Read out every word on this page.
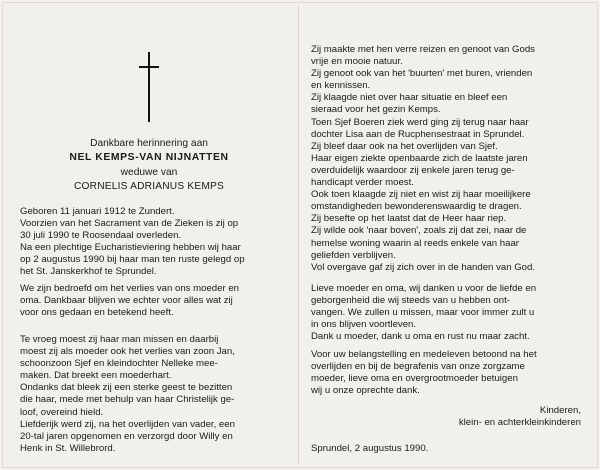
Dankbare herinnering aan
NEL KEMPS-VAN NIJNATTEN
weduwe van
CORNELIS ADRIANUS KEMPS
Geboren 11 januari 1912 te Zundert.
Voorzien van het Sacrament van de Zieken is zij op
30 juli 1990 te Roosendaal overleden.
Na een plechtige Eucharistieviering hebben wij haar
op 2 augustus 1990 bij haar man ten ruste gelegd op
het St. Janskerkhof te Sprundel.
We zijn bedroefd om het verlies van ons moeder en
oma. Dankbaar blijven we echter voor alles wat zij
voor ons gedaan en betekend heeft.
Te vroeg moest zij haar man missen en daarbij
moest zij als moeder ook het verlies van zoon Jan,
schoonzoon Sjef en kleindochter Nelleke mee-
maken. Dat breekt een moederhart.
Ondanks dat bleek zij een sterke geest te bezitten
die haar, mede met behulp van haar Christelijk ge-
loof, overeind hield.
Liefderijk werd zij, na het overlijden van vader, een
20-tal jaren opgenomen en verzorgd door Willy en
Henk in St. Willebrord.
Zij maakte met hen verre reizen en genoot van Gods
vrije en mooie natuur.
Zij genoot ook van het 'buurten' met buren, vrienden
en kennissen.
Zij klaagde niet over haar situatie en bleef een
sieraad voor het gezin Kemps.
Toen Sjef Boeren ziek werd ging zij terug naar haar
dochter Lisa aan de Rucphensestraat in Sprundel.
Zij bleef daar ook na het overlijden van Sjef.
Haar eigen ziekte openbaarde zich de laatste jaren
overduidelijk waardoor zij enkele jaren terug ge-
handicapt verder moest.
Ook toen klaagde zij niet en wist zij haar moeilijkere
omstandigheden bewonderenswaardig te dragen.
Zij besefte op het laatst dat de Heer haar riep.
Zij wilde ook 'naar boven', zoals zij dat zei, naar de
hemelse woning waarin al reeds enkele van haar
geliefden verblijven.
Vol overgave gaf zij zich over in de handen van God.
Lieve moeder en oma, wij danken u voor de liefde en
geborgenheid die wij steeds van u hebben ont-
vangen. We zullen u missen, maar voor immer zult u
in ons blijven voortleven.
Dank u moeder, dank u oma en rust nu maar zacht.
Voor uw belangstelling en medeleven betoond na het
overlijden en bij de begrafenis van onze zorgzame
moeder, lieve oma en overgrootmoeder betuigen
wij u onze oprechte dank.
Kinderen,
klein- en achterkleinkinderen
Sprundel, 2 augustus 1990.
